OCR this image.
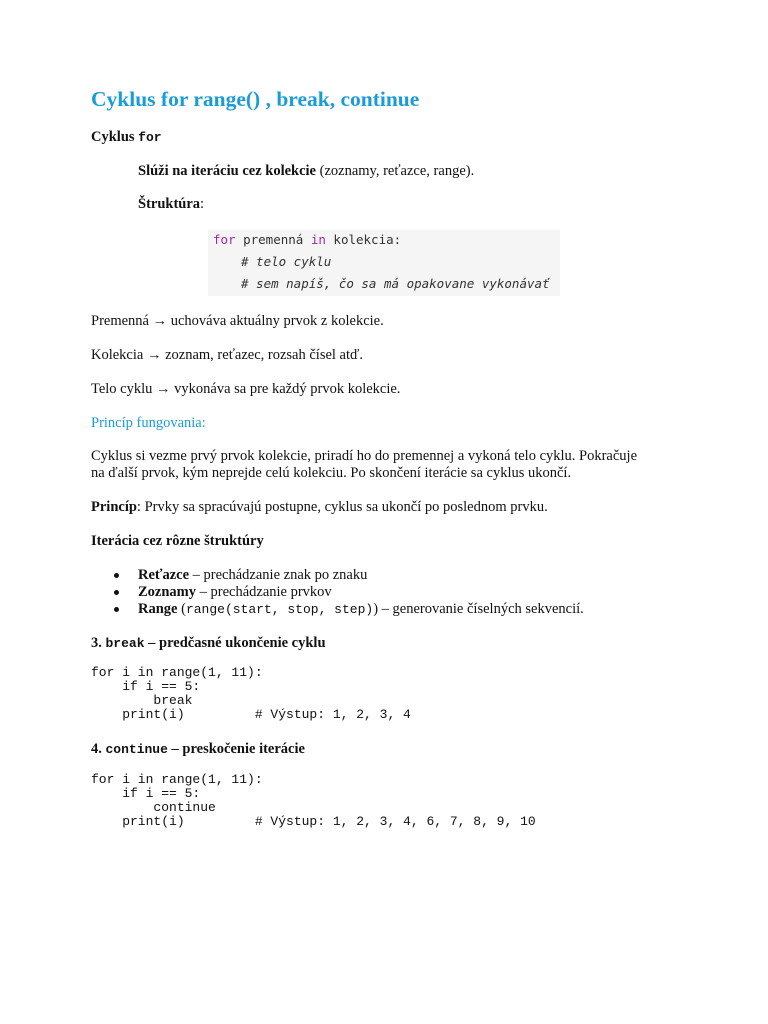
Cyklus for range() , break, continue
Cyklus for
Slúži na iteráciu cez kolekcie (zoznamy, reťazce, range).
Štruktúra:
for premenná in kolekcia:
# telo cyklu
# sem napíš, čo sa má opakovane vykonávať
Premenná → uchováva aktuálny prvok z kolekcie.
Kolekcia → zoznam, reťazec, rozsah čísel atď.
Telo cyklu → vykonáva sa pre každý prvok kolekcie.
Princíp fungovania:
Cyklus si vezme prvý prvok kolekcie, priradí ho do premennej a vykoná telo cyklu. Pokračuje
na ďalší prvok, kým neprejde celú kolekciu. Po skončení iterácie sa cyklus ukončí.
Princíp: Prvky sa spracúvajú postupne, cyklus sa ukončí po poslednom prvku.
Iterácia cez rôzne štruktúry
Reťazce – prechádzanie znak po znaku
Zoznamy – prechádzanie prvkov
Range (range(start, stop, step)) – generovanie číselných sekvencií.
3. break – predčasné ukončenie cyklu
for i in range(1, 11):
if i == 5:
break
print(i)         # Výstup: 1, 2, 3, 4
4. continue – preskočenie iterácie
for i in range(1, 11):
if i == 5:
continue
print(i)         # Výstup: 1, 2, 3, 4, 6, 7, 8, 9, 10
